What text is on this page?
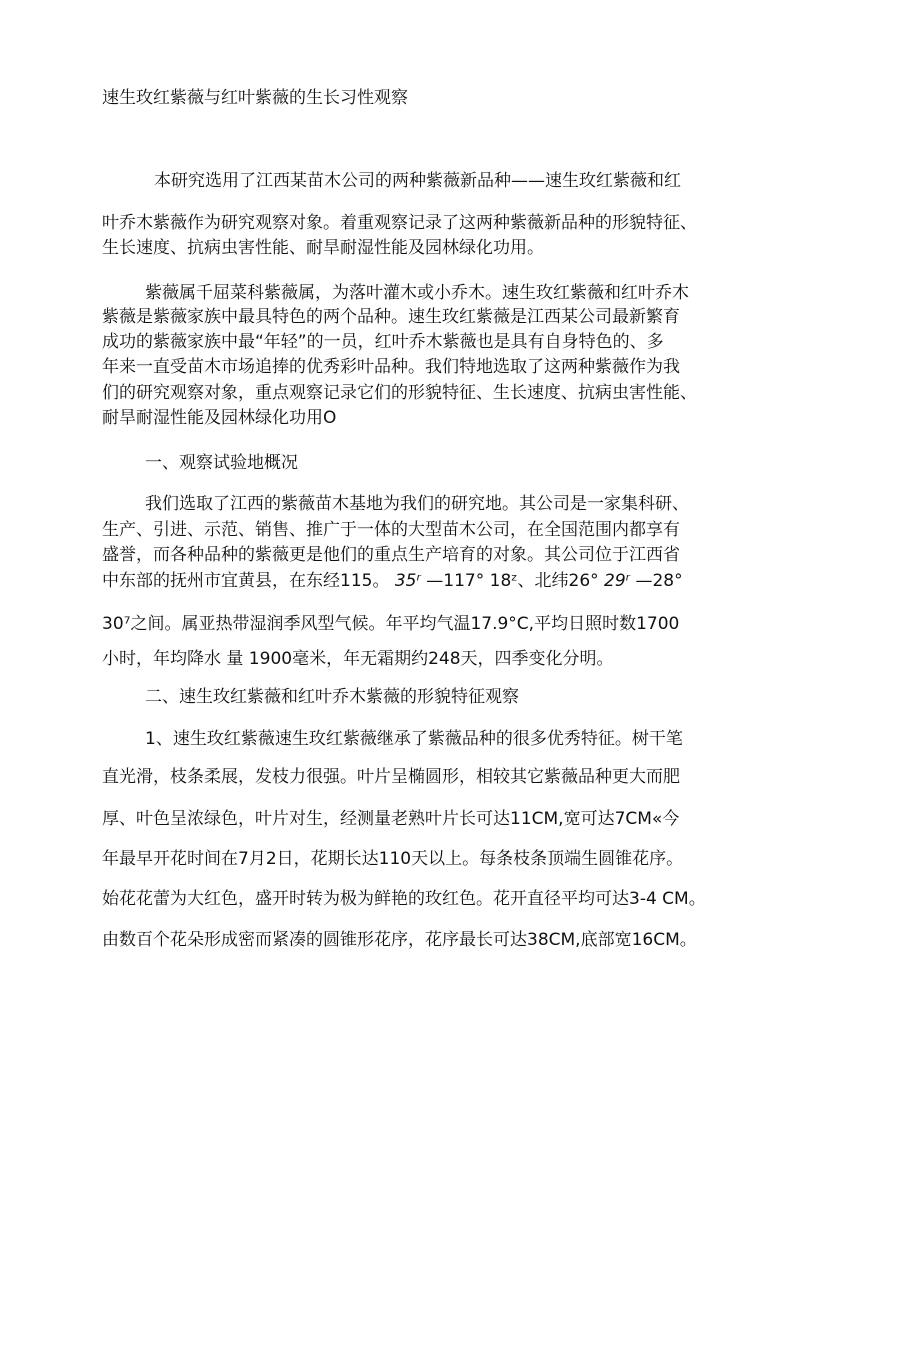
速生玫红紫薇与红叶紫薇的生长习性观察
本研究选用了江西某苗木公司的两种紫薇新品种——速生玫红紫薇和红
叶乔木紫薇作为研究观察对象。着重观察记录了这两种紫薇新品种的形貌特征、
生长速度、抗病虫害性能、耐旱耐湿性能及园林绿化功用。
紫薇属千屈菜科紫薇属，为落叶灌木或小乔木。速生玫红紫薇和红叶乔木
紫薇是紫薇家族中最具特色的两个品种。速生玫红紫薇是江西某公司最新繁育
成功的紫薇家族中最“年轻”的一员，红叶乔木紫薇也是具有自身特色的、多
年来一直受苗木市场追捧的优秀彩叶品种。我们特地选取了这两种紫薇作为我
们的研究观察对象，重点观察记录它们的形貌特征、生长速度、抗病虫害性能、
耐旱耐湿性能及园林绿化功用O
一、观察试验地概况
我们选取了江西的紫薇苗木基地为我们的研究地。其公司是一家集科研、
生产、引进、示范、销售、推广于一体的大型苗木公司，在全国范围内都享有
盛誉，而各种品种的紫薇更是他们的重点生产培育的对象。其公司位于江西省
中东部的抚州市宜黄县，在东经115。 35ʳ —117° 18ᶻ、北纬26° 29ʳ —28°
30⁷之间。属亚热带湿润季风型气候。年平均气温17.9°C,平均日照时数1700
小时，年均降水 量 1900毫米，年无霜期约248天，四季变化分明。
二、速生玫红紫薇和红叶乔木紫薇的形貌特征观察
1、速生玫红紫薇速生玫红紫薇继承了紫薇品种的很多优秀特征。树干笔
直光滑，枝条柔展，发枝力很强。叶片呈椭圆形，相较其它紫薇品种更大而肥
厚、叶色呈浓绿色，叶片对生，经测量老熟叶片长可达11CM,宽可达7CM«今
年最早开花时间在7月2日，花期长达110天以上。每条枝条顶端生圆锥花序。
始花花蕾为大红色，盛开时转为极为鲜艳的玫红色。花开直径平均可达3-4 CM。
由数百个花朵形成密而紧凑的圆锥形花序，花序最长可达38CM,底部宽16CM。
